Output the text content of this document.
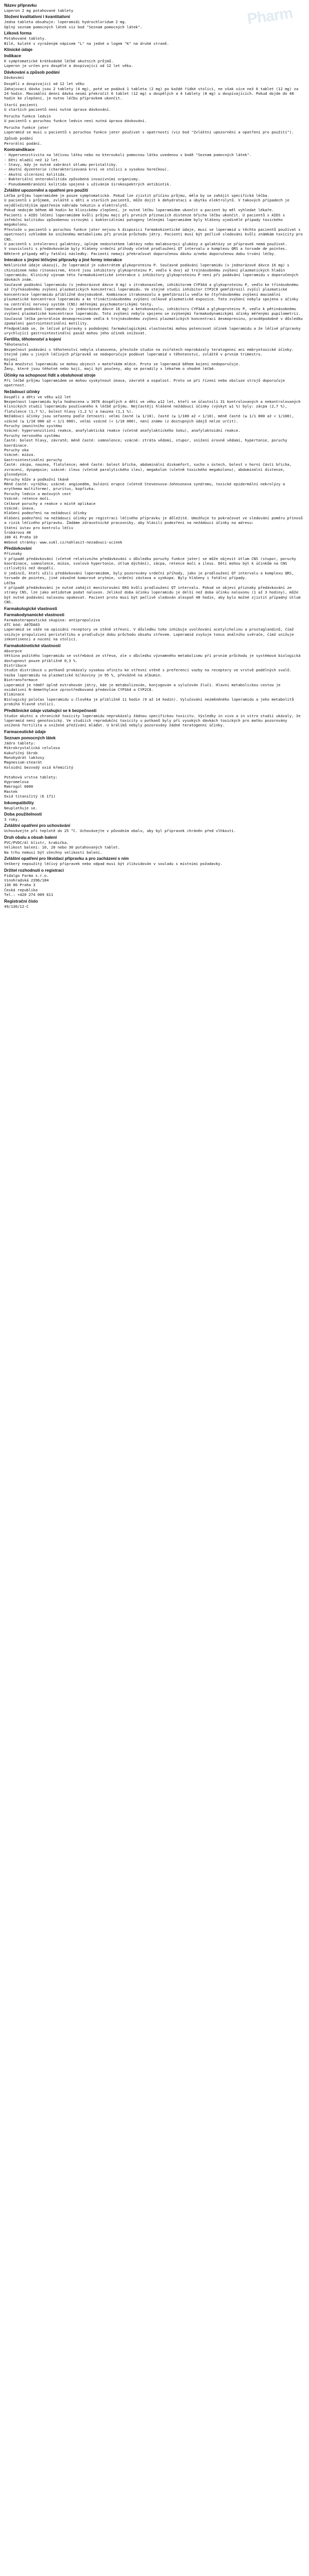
Pharm
Název přípravku
Loperon 2 mg potahované tablety
Složení kvalitativní i kvantitativní
Jedna tableta obsahuje: loperamidi hydrochloridum 2 mg.
Úplný seznam pomocných látek viz bod "Seznam pomocných látek".
Léková forma
Potahované tablety.
Bílé, kulaté s vyraženým nápisem "L" na jedné a logem "K" na druhé straně.
Klinické údaje
Indikace
K symptomatické krátkodobé léčbě akutních průjmů.
Loperon je určen pro dospělé a dospívající od 12 let věku.
Dávkování a způsob podání
Dávkování
Dospělí a dospívající od 12 let věku
Zahajovací dávka jsou 2 tablety (4 mg), poté se podává 1 tableta (2 mg) po každé řídké stolici, ne však více než 6 tablet (12 mg) za 24 hodin. Maximální denní dávka nesmí překročit 6 tablet (12 mg) u dospělých a 4 tablety (8 mg) u dospívajících. Pokud dojde do 48 hodin ke zlepšení, je nutno léčbu přípravkem ukončit.
Starší pacienti
U starších pacientů není nutná úprava dávkování.
Porucha funkce ledvin
U pacientů s poruchou funkce ledvin není nutná úprava dávkování.
Porucha funkce jater
Loperamid se musí u pacientů s poruchou funkce jater používat s opatrností (viz bod "Zvláštní upozornění a opatření pro použití").
Způsob podání
Perorální podání.
Kontraindikace
- Hypersenzitivita na léčivou látku nebo na kteroukoli pomocnou látku uvedenou v bodě "Seznam pomocných látek".
- Děti mladší než 12 let.
- Stavy, kdy je nutné zabránit útlumu peristaltiky.
- Akutní dyzenterie (charakterizovaná krví ve stolici a vysokou horečkou).
- Akutní ulcerózní kolitida.
- Bakteriální enterokolitida způsobená invazivními organismy.
- Pseudomembranózní kolitida spojená s užíváním širokospektrých antibiotik.
Zvláštní upozornění a opatření pro použití
Léčba průjmu loperamidem je pouze symptomatická. Pokud lze zjistit příčinu průjmu, měla by se zahájit specifická léčba.
U pacientů s průjmem, zvláště u dětí a starších pacientů, může dojít k dehydrataci a úbytku elektrolytů. V takových případech je nejdůležitějším opatřením náhrada tekutin a elektrolytů.
Pokud nedojde během 48 hodin ke klinickému zlepšení, je nutné léčbu loperamidem ukončit a pacient by měl vyhledat lékaře.
Pacienti s AIDS léčení loperamidem kvůli průjmu mají při prvních příznacích distenze břicha léčbu ukončit. U pacientů s AIDS s infekční kolitidou způsobenou virovými i bakteriálními patogeny léčenými loperamidem byly hlášeny ojedinělé případy toxického megakolonu.
Přestože u pacientů s poruchou funkce jater nejsou k dispozici farmakokinetické údaje, musí se loperamid u těchto pacientů používat s opatrností vzhledem ke sníženému metabolismu při prvním průchodu játry. Pacienti musí být pečlivě sledováni kvůli známkám toxicity pro CNS.
U pacientů s intolerancí galaktózy, úplným nedostatkem laktázy nebo malabsorpcí glukózy a galaktózy se přípravek nemá používat.
V souvislosti s předávkováním byly hlášeny srdeční příhody včetně prodloužení QT intervalu a komplexu QRS a torsade de pointes. Některé případy měly fatální následky. Pacienti nemají překračovat doporučenou dávku a/nebo doporučenou dobu trvání léčby.
Interakce s jinými léčivými přípravky a jiné formy interakce
Neklinické údaje ukazují, že loperamid je substrátem glykoproteinu P. Současné podávání loperamidu (v jednorázové dávce 16 mg) s chinidinem nebo ritonavirem, které jsou inhibitory glykoproteinu P, vedlo k dvoj až trojnásobnému zvýšení plazmatických hladin loperamidu. Klinický význam této farmakokinetické interakce s inhibitory glykoproteinu P není při podávání loperamidu v doporučených dávkách znám.
Současné podávání loperamidu (v jednorázové dávce 4 mg) s itrakonazolem, inhibitorem CYP3A4 a glykoproteinu P, vedlo ke třínásobnému až čtyřnásobnému zvýšení plazmatických koncentrací loperamidu. Ve stejné studii inhibitor CYP2C8 gemfibrozil zvýšil plazmatické koncentrace loperamidu přibližně dvojnásobně. Kombinace itrakonazolu a gemfibrozilu vedla ke čtyřnásobnému zvýšení maximální plazmatické koncentrace loperamidu a ke třináctinásobnému zvýšení celkové plazmatické expozice. Tato zvýšení nebyla spojena s účinky na centrální nervový systém (CNS) měřenými psychomotorickými testy.
Současné podávání loperamidu (v jednorázové dávce 16 mg) a ketokonazolu, inhibitoru CYP3A4 a glykoproteinu P, vedlo k pětinásobnému zvýšení plazmatické koncentrace loperamidu. Toto zvýšení nebylo spojeno se zvýšenými farmakodynamickými účinky měřenými pupilometrií.
Současná léčba perorálním desmopresinem vedla k trojnásobnému zvýšení plazmatických koncentrací desmopresinu, pravděpodobně v důsledku zpomalení gastrointestinální motility.
Předpokládá se, že léčivé přípravky s podobnými farmakologickými vlastnostmi mohou potencovat účinek loperamidu a že léčivé přípravky urychlující gastrointestinální pasáž mohou jeho účinek snižovat.
Fertilita, těhotenství a kojení
Těhotenství
Bezpečnost podávání v těhotenství nebyla stanovena, přestože studie na zvířatech neprokázaly teratogenní ani embryotoxické účinky. Stejně jako u jiných léčivých přípravků se nedoporučuje podávat loperamid v těhotenství, zvláště v prvním trimestru.
Kojení
Malá množství loperamidu se mohou objevit v mateřském mléce. Proto se loperamid během kojení nedoporučuje.
Ženy, které jsou těhotné nebo kojí, mají být poučeny, aby se poradily s lékařem o vhodné léčbě.
Účinky na schopnost řídit a obsluhovat stroje
Při léčbě průjmu loperamidem se mohou vyskytnout únava, závratě a ospalost. Proto se při řízení nebo obsluze strojů doporučuje opatrnost.
Nežádoucí účinky
Dospělí a děti ve věku ≥12 let
Bezpečnost loperamidu byla hodnocena u 3076 dospělých a dětí ve věku ≥12 let, kteří se účastnili 31 kontrolovaných a nekontrolovaných klinických studií loperamidu používaného k léčbě průjmu. Nejčastěji hlášené nežádoucí účinky (výskyt ≥1 %) byly: zácpa (2,7 %), flatulence (1,7 %), bolest hlavy (1,2 %) a nauzea (1,1 %).
Nežádoucí účinky jsou seřazeny podle četnosti: velmi časté (≥ 1/10), časté (≥ 1/100 až < 1/10), méně časté (≥ 1/1 000 až < 1/100), vzácné (≥ 1/10 000 až < 1/1 000), velmi vzácné (< 1/10 000), není známo (z dostupných údajů nelze určit).
Poruchy imunitního systému
Vzácné: hypersenzitivní reakce, anafylaktická reakce (včetně anafylaktického šoku), anafylaktoidní reakce.
Poruchy nervového systému
Časté: bolest hlavy, závratě; méně časté: somnolence; vzácné: ztráta vědomí, stupor, snížení úrovně vědomí, hypertonie, poruchy koordinace.
Poruchy oka
Vzácné: mióza.
Gastrointestinální poruchy
Časté: zácpa, nauzea, flatulence; méně časté: bolest břicha, abdominální diskomfort, sucho v ústech, bolest v horní části břicha, zvracení, dyspepsie; vzácné: ileus (včetně paralytického ileu), megakolon (včetně toxického megakolonu), abdominální distenze, glosodynie.
Poruchy kůže a podkožní tkáně
Méně časté: vyrážka; vzácné: angioedém, bulózní erupce (včetně Stevensova-Johnsonova syndromu, toxické epidermální nekrolýzy a erythema multiforme), pruritus, kopřivka.
Poruchy ledvin a močových cest
Vzácné: retence moči.
Celkové poruchy a reakce v místě aplikace
Vzácné: únava.
Hlášení podezření na nežádoucí účinky
Hlášení podezření na nežádoucí účinky po registraci léčivého přípravku je důležité. Umožňuje to pokračovat ve sledování poměru přínosů a rizik léčivého přípravku. Žádáme zdravotnické pracovníky, aby hlásili podezření na nežádoucí účinky na adresu:
Státní ústav pro kontrolu léčiv
Šrobárova 48
100 41 Praha 10
Webové stránky: www.sukl.cz/nahlasit-nezadouci-ucinek
Předávkování
Příznaky
V případě předávkování (včetně relativního předávkování v důsledku poruchy funkce jater) se může objevit útlum CNS (stupor, poruchy koordinace, somnolence, mióza, svalová hypertonie, útlum dýchání), zácpa, retence moči a ileus. Děti mohou být k účinkům na CNS citlivější než dospělí.
U jedinců, kteří užili předávkování loperamidem, byly pozorovány srdeční příhody, jako je prodloužení QT intervalu a komplexu QRS, torsade de pointes, jiné závažné komorové arytmie, srdeční zástava a synkopa. Byly hlášeny i fatální případy.
Léčba
V případě předávkování je nutné zahájit monitorování EKG kvůli prodloužení QT intervalu. Pokud se objeví příznaky předávkování ze strany CNS, lze jako antidotum podat naloxon. Jelikož doba účinku loperamidu je delší než doba účinku naloxonu (1 až 3 hodiny), může být nutné podávání naloxonu opakovat. Pacient proto musí být pečlivě sledován alespoň 48 hodin, aby bylo možné zjistit případný útlum CNS.
Farmakologické vlastnosti
Farmakodynamické vlastnosti
Farmakoterapeutická skupina: antipropulziva
ATC kód: A07DA03
Loperamid se váže na opioidní receptory ve stěně střevní. V důsledku toho inhibuje uvolňování acetylcholinu a prostaglandinů, čímž snižuje propulzivní peristaltiku a prodlužuje dobu průchodu obsahu střevem. Loperamid zvyšuje tonus análního svěrače, čímž snižuje inkontinenci a nucení na stolici.
Farmakokinetické vlastnosti
Absorpce
Většina požitého loperamidu se vstřebává ze střeva, ale v důsledku významného metabolismu při prvním průchodu je systémová biologická dostupnost pouze přibližně 0,3 %.
Distribuce
Studie distribuce u potkanů prokázaly vysokou afinitu ke střevní stěně s preferencí vazby na receptory ve vrstvě podélných svalů. Vazba loperamidu na plazmatické bílkoviny je 95 %, převážně na albumin.
Biotransformace
Loperamid je téměř úplně extrahován játry, kde je metabolizován, konjugován a vylučován žlučí. Hlavní metabolickou cestou je oxidativní N-demethylace zprostředkovaná především CYP3A4 a CYP2C8.
Eliminace
Biologický poločas loperamidu u člověka je přibližně 11 hodin (9 až 14 hodin). Vylučování nezměněného loperamidu a jeho metabolitů probíhá hlavně stolicí.
Předklinické údaje vztahující se k bezpečnosti
Studie akutní a chronické toxicity loperamidu neprokázaly žádnou specifickou toxicitu. Výsledky in vivo a in vitro studií ukázaly, že loperamid není genotoxický. Ve studiích reprodukční toxicity u potkanů byly při vysokých dávkách toxických pro matku pozorovány snížená fertilita a snížené přežívání mláďat. U králíků nebyly pozorovány žádné teratogenní účinky.
Farmaceutické údaje
Seznam pomocných látek
Jádro tablety:
Mikrokrystalická celulosa
Kukuřičný škrob
Monohydrát laktosy
Magnesium-stearát
Koloidní bezvodý oxid křemičitý

Potahová vrstva tablety:
Hypromelosa
Makrogol 6000
Mastek
Oxid titaničitý (E 171)
Inkompatibility
Neuplatňuje se.
Doba použitelnosti
3 roky.
Zvláštní opatření pro uchovávání
Uchovávejte při teplotě do 25 °C. Uchovávejte v původním obalu, aby byl přípravek chráněn před vlhkostí.
Druh obalu a obsah balení
PVC/PVDC/Al blistr, krabička.
Velikost balení: 10, 20 nebo 30 potahovaných tablet.
Na trhu nemusí být všechny velikosti balení.
Zvláštní opatření pro likvidaci přípravku a pro zacházení s ním
Veškerý nepoužitý léčivý přípravek nebo odpad musí být zlikvidován v souladu s místními požadavky.
Držitel rozhodnutí o registraci
Fidalgo Farma s.r.o.
Vinohradská 2396/184
130 00 Praha 3
Česká republika
Tel.: +420 274 009 611
Registrační číslo
49/130/12-C
